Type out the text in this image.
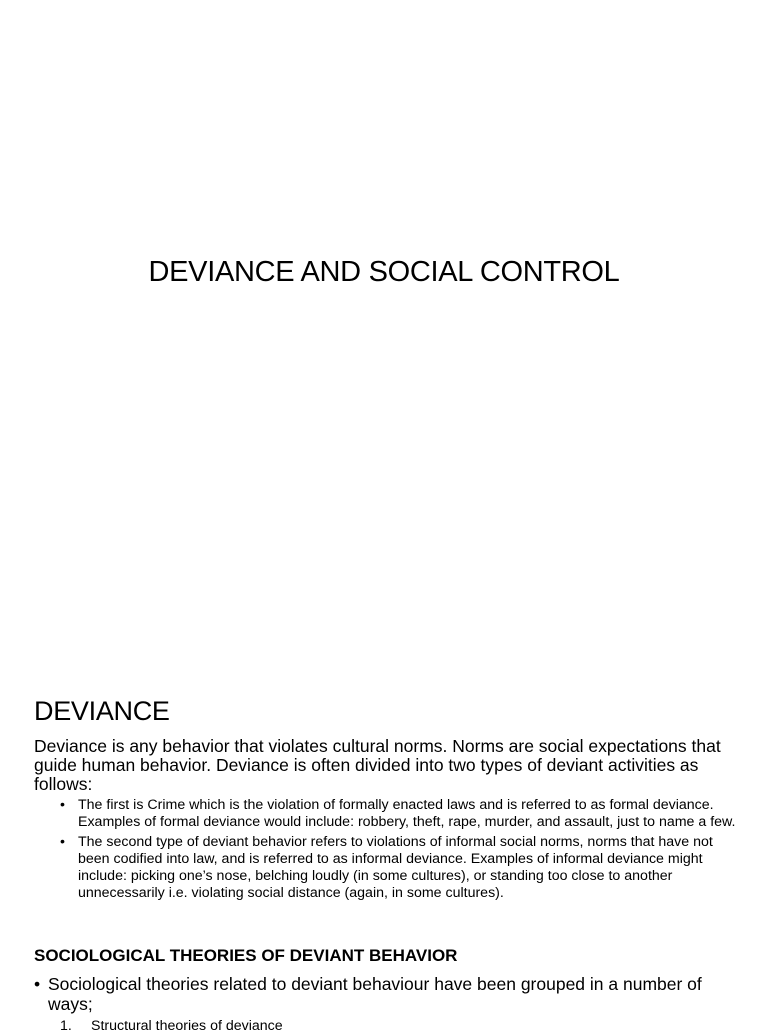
DEVIANCE AND SOCIAL CONTROL
DEVIANCE
Deviance is any behavior that violates cultural norms. Norms are social expectations that guide human behavior. Deviance is often divided into two types of deviant activities as follows:
• The first is Crime which is the violation of formally enacted laws and is referred to as formal deviance. Examples of formal deviance would include: robbery, theft, rape, murder, and assault, just to name a few.
• The second type of deviant behavior refers to violations of informal social norms, norms that have not been codified into law, and is referred to as informal deviance. Examples of informal deviance might include: picking one’s nose, belching loudly (in some cultures), or standing too close to another unnecessarily i.e. violating social distance (again, in some cultures).
SOCIOLOGICAL THEORIES OF DEVIANT BEHAVIOR
• Sociological theories related to deviant behaviour have been grouped in a number of ways;
1.	Structural theories of deviance
